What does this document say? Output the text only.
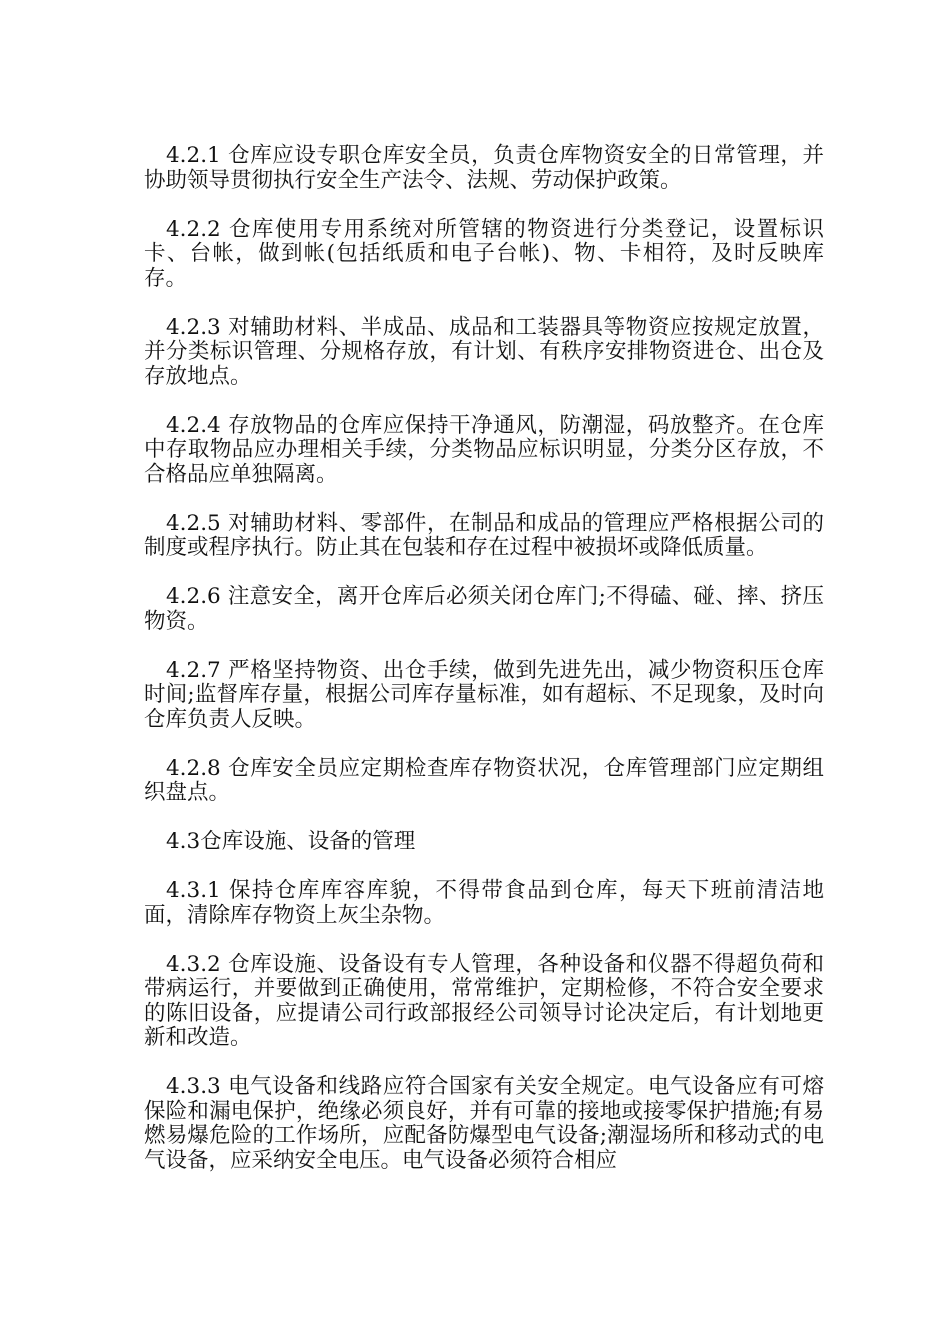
4.2.1 仓库应设专职仓库安全员，负责仓库物资安全的日常管理，并协助领导贯彻执行安全生产法令、法规、劳动保护政策。

4.2.2 仓库使用专用系统对所管辖的物资进行分类登记，设置标识卡、台帐，做到帐(包括纸质和电子台帐)、物、卡相符，及时反映库存。

4.2.3 对辅助材料、半成品、成品和工装器具等物资应按规定放置，并分类标识管理、分规格存放，有计划、有秩序安排物资进仓、出仓及存放地点。

4.2.4 存放物品的仓库应保持干净通风，防潮湿，码放整齐。在仓库中存取物品应办理相关手续，分类物品应标识明显，分类分区存放，不合格品应单独隔离。

4.2.5 对辅助材料、零部件，在制品和成品的管理应严格根据公司的制度或程序执行。防止其在包装和存在过程中被损坏或降低质量。

4.2.6 注意安全，离开仓库后必须关闭仓库门;不得磕、碰、摔、挤压物资。

4.2.7 严格坚持物资、出仓手续，做到先进先出，减少物资积压仓库时间;监督库存量，根据公司库存量标准，如有超标、不足现象，及时向仓库负责人反映。

4.2.8 仓库安全员应定期检查库存物资状况，仓库管理部门应定期组织盘点。

4.3仓库设施、设备的管理

4.3.1 保持仓库库容库貌，不得带食品到仓库，每天下班前清洁地面，清除库存物资上灰尘杂物。

4.3.2 仓库设施、设备设有专人管理，各种设备和仪器不得超负荷和带病运行，并要做到正确使用，常常维护，定期检修，不符合安全要求的陈旧设备，应提请公司行政部报经公司领导讨论决定后，有计划地更新和改造。

4.3.3 电气设备和线路应符合国家有关安全规定。电气设备应有可熔保险和漏电保护，绝缘必须良好，并有可靠的接地或接零保护措施;有易燃易爆危险的工作场所，应配备防爆型电气设备;潮湿场所和移动式的电气设备，应采纳安全电压。电气设备必须符合相应
